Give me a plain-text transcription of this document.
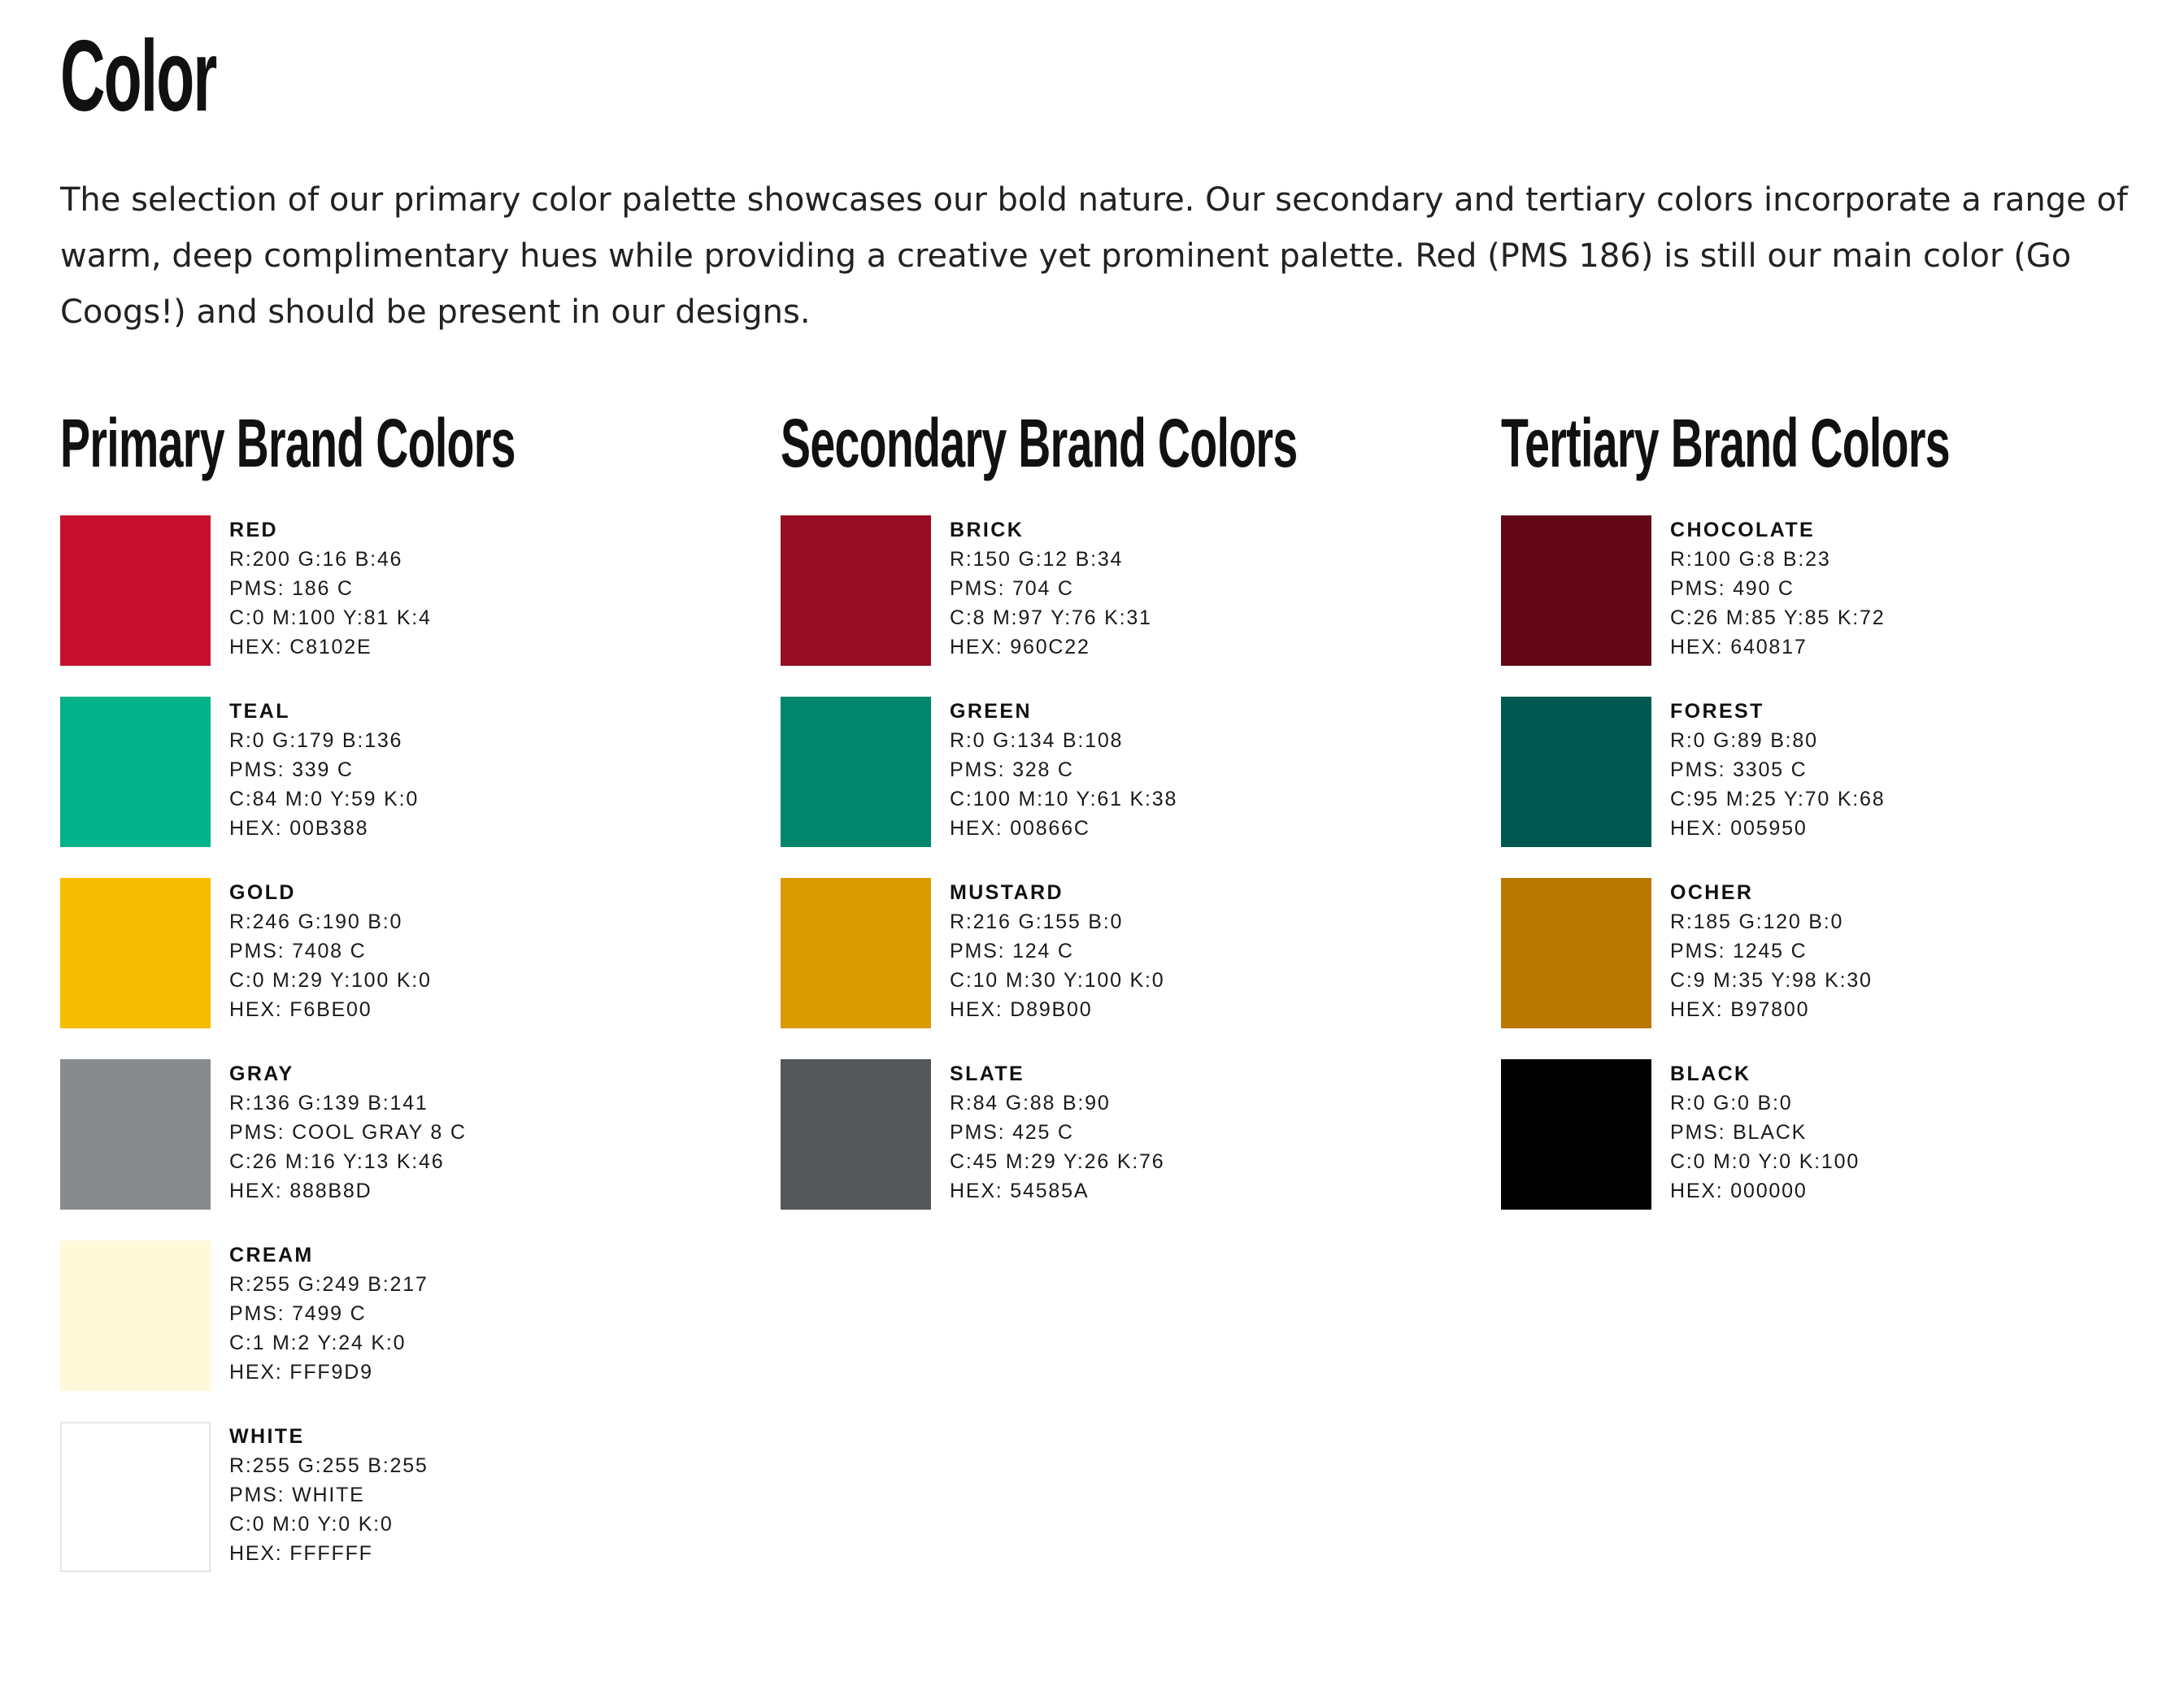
Color

The selection of our primary color palette showcases our bold nature. Our secondary and tertiary colors incorporate a range of warm, deep complimentary hues while providing a creative yet prominent palette. Red (PMS 186) is still our main color (Go Coogs!) and should be present in our designs.

Primary Brand Colors
RED
R:200 G:16 B:46
PMS: 186 C
C:0 M:100 Y:81 K:4
HEX: C8102E
TEAL
R:0 G:179 B:136
PMS: 339 C
C:84 M:0 Y:59 K:0
HEX: 00B388
GOLD
R:246 G:190 B:0
PMS: 7408 C
C:0 M:29 Y:100 K:0
HEX: F6BE00
GRAY
R:136 G:139 B:141
PMS: COOL GRAY 8 C
C:26 M:16 Y:13 K:46
HEX: 888B8D
CREAM
R:255 G:249 B:217
PMS: 7499 C
C:1 M:2 Y:24 K:0
HEX: FFF9D9
WHITE
R:255 G:255 B:255
PMS: WHITE
C:0 M:0 Y:0 K:0
HEX: FFFFFF
Secondary Brand Colors
BRICK
R:150 G:12 B:34
PMS: 704 C
C:8 M:97 Y:76 K:31
HEX: 960C22
GREEN
R:0 G:134 B:108
PMS: 328 C
C:100 M:10 Y:61 K:38
HEX: 00866C
MUSTARD
R:216 G:155 B:0
PMS: 124 C
C:10 M:30 Y:100 K:0
HEX: D89B00
SLATE
R:84 G:88 B:90
PMS: 425 C
C:45 M:29 Y:26 K:76
HEX: 54585A
Tertiary Brand Colors
CHOCOLATE
R:100 G:8 B:23
PMS: 490 C
C:26 M:85 Y:85 K:72
HEX: 640817
FOREST
R:0 G:89 B:80
PMS: 3305 C
C:95 M:25 Y:70 K:68
HEX: 005950
OCHER
R:185 G:120 B:0
PMS: 1245 C
C:9 M:35 Y:98 K:30
HEX: B97800
BLACK
R:0 G:0 B:0
PMS: BLACK
C:0 M:0 Y:0 K:100
HEX: 000000
